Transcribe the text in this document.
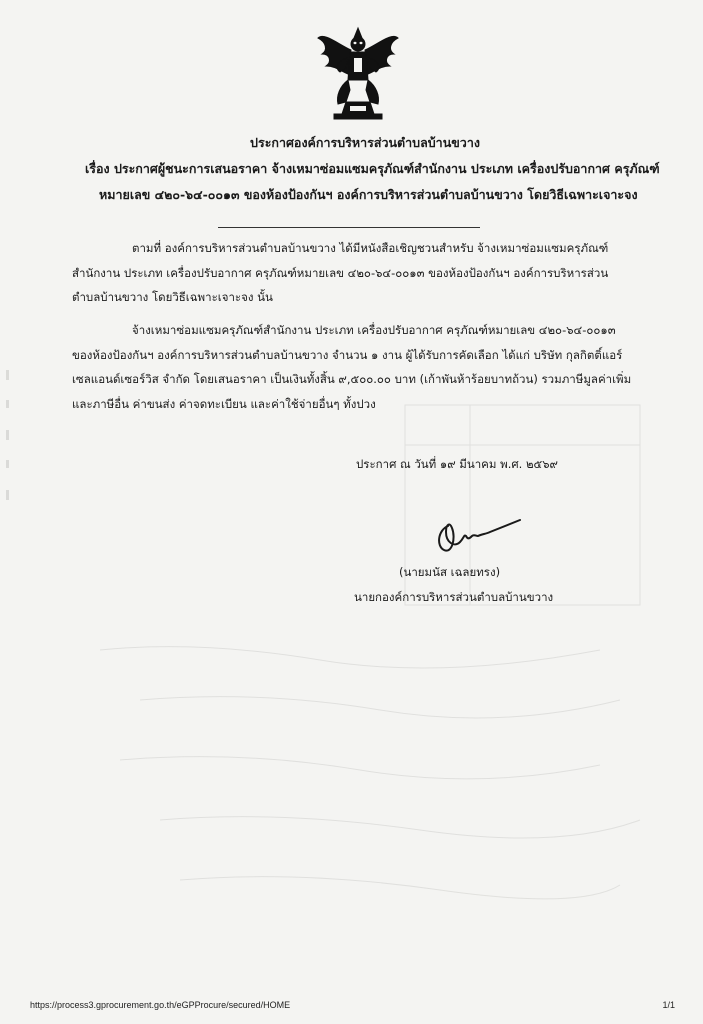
ประกาศองค์การบริหารส่วนตำบลบ้านขวาง
เรื่อง ประกาศผู้ชนะการเสนอราคา จ้างเหมาซ่อมแซมครุภัณฑ์สำนักงาน ประเภท เครื่องปรับอากาศ ครุภัณฑ์
หมายเลข ๔๒๐-๖๔-๐๐๑๓ ของห้องป้องกันฯ องค์การบริหารส่วนตำบลบ้านขวาง โดยวิธีเฉพาะเจาะจง
ตามที่ องค์การบริหารส่วนตำบลบ้านขวาง ได้มีหนังสือเชิญชวนสำหรับ จ้างเหมาซ่อมแซมครุภัณฑ์
สำนักงาน ประเภท เครื่องปรับอากาศ ครุภัณฑ์หมายเลข ๔๒๐-๖๔-๐๐๑๓ ของห้องป้องกันฯ องค์การบริหารส่วน
ตำบลบ้านขวาง โดยวิธีเฉพาะเจาะจง นั้น
จ้างเหมาซ่อมแซมครุภัณฑ์สำนักงาน ประเภท เครื่องปรับอากาศ ครุภัณฑ์หมายเลข ๔๒๐-๖๔-๐๐๑๓
ของห้องป้องกันฯ องค์การบริหารส่วนตำบลบ้านขวาง จำนวน ๑ งาน ผู้ได้รับการคัดเลือก ได้แก่ บริษัท กุลกิตติ์แอร์
เซลแอนด์เซอร์วิส จำกัด โดยเสนอราคา เป็นเงินทั้งสิ้น ๙,๕๐๐.๐๐ บาท (เก้าพันห้าร้อยบาทถ้วน) รวมภาษีมูลค่าเพิ่ม
และภาษีอื่น ค่าขนส่ง ค่าจดทะเบียน และค่าใช้จ่ายอื่นๆ ทั้งปวง
ประกาศ ณ วันที่ ๑๙ มีนาคม พ.ศ. ๒๕๖๙
(นายมนัส เฉลยทรง)
นายกองค์การบริหารส่วนตำบลบ้านขวาง
https://process3.gprocurement.go.th/eGPProcure/secured/HOME	1/1
